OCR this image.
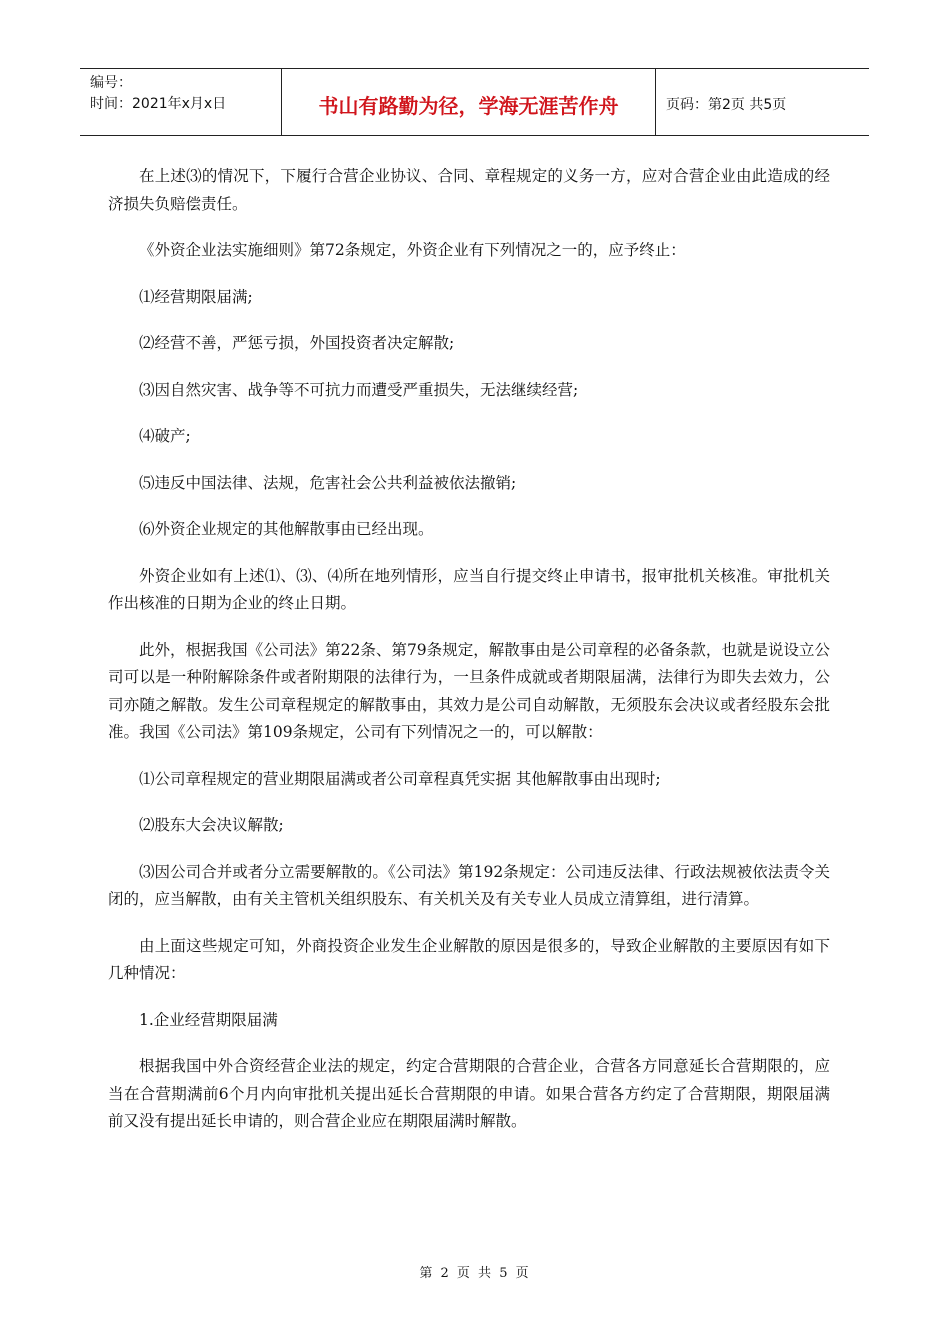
编号：
时间：2021年x月x日	书山有路勤为径，学海无涯苦作舟	页码：第2页 共5页

在上述⑶的情况下，下履行合营企业协议、合同、章程规定的义务一方，应对合营企业由此造成的经济损失负赔偿责任。

《外资企业法实施细则》第72条规定，外资企业有下列情况之一的，应予终止：

⑴经营期限届满;

⑵经营不善，严惩亏损，外国投资者决定解散;

⑶因自然灾害、战争等不可抗力而遭受严重损失，无法继续经营;

⑷破产;

⑸违反中国法律、法规，危害社会公共利益被依法撤销;

⑹外资企业规定的其他解散事由已经出现。

外资企业如有上述⑴、⑶、⑷所在地列情形，应当自行提交终止申请书，报审批机关核准。审批机关作出核准的日期为企业的终止日期。

此外，根据我国《公司法》第22条、第79条规定，解散事由是公司章程的必备条款，也就是说设立公司可以是一种附解除条件或者附期限的法律行为，一旦条件成就或者期限届满，法律行为即失去效力，公司亦随之解散。发生公司章程规定的解散事由，其效力是公司自动解散，无须股东会决议或者经股东会批准。我国《公司法》第109条规定，公司有下列情况之一的，可以解散：

⑴公司章程规定的营业期限届满或者公司章程真凭实据 其他解散事由出现时;

⑵股东大会决议解散;

⑶因公司合并或者分立需要解散的。《公司法》第192条规定：公司违反法律、行政法规被依法责令关闭的，应当解散，由有关主管机关组织股东、有关机关及有关专业人员成立清算组，进行清算。

由上面这些规定可知，外商投资企业发生企业解散的原因是很多的，导致企业解散的主要原因有如下几种情况：

1.企业经营期限届满

根据我国中外合资经营企业法的规定，约定合营期限的合营企业，合营各方同意延长合营期限的，应当在合营期满前6个月内向审批机关提出延长合营期限的申请。如果合营各方约定了合营期限，期限届满前又没有提出延长申请的，则合营企业应在期限届满时解散。

第 2 页 共 5 页
